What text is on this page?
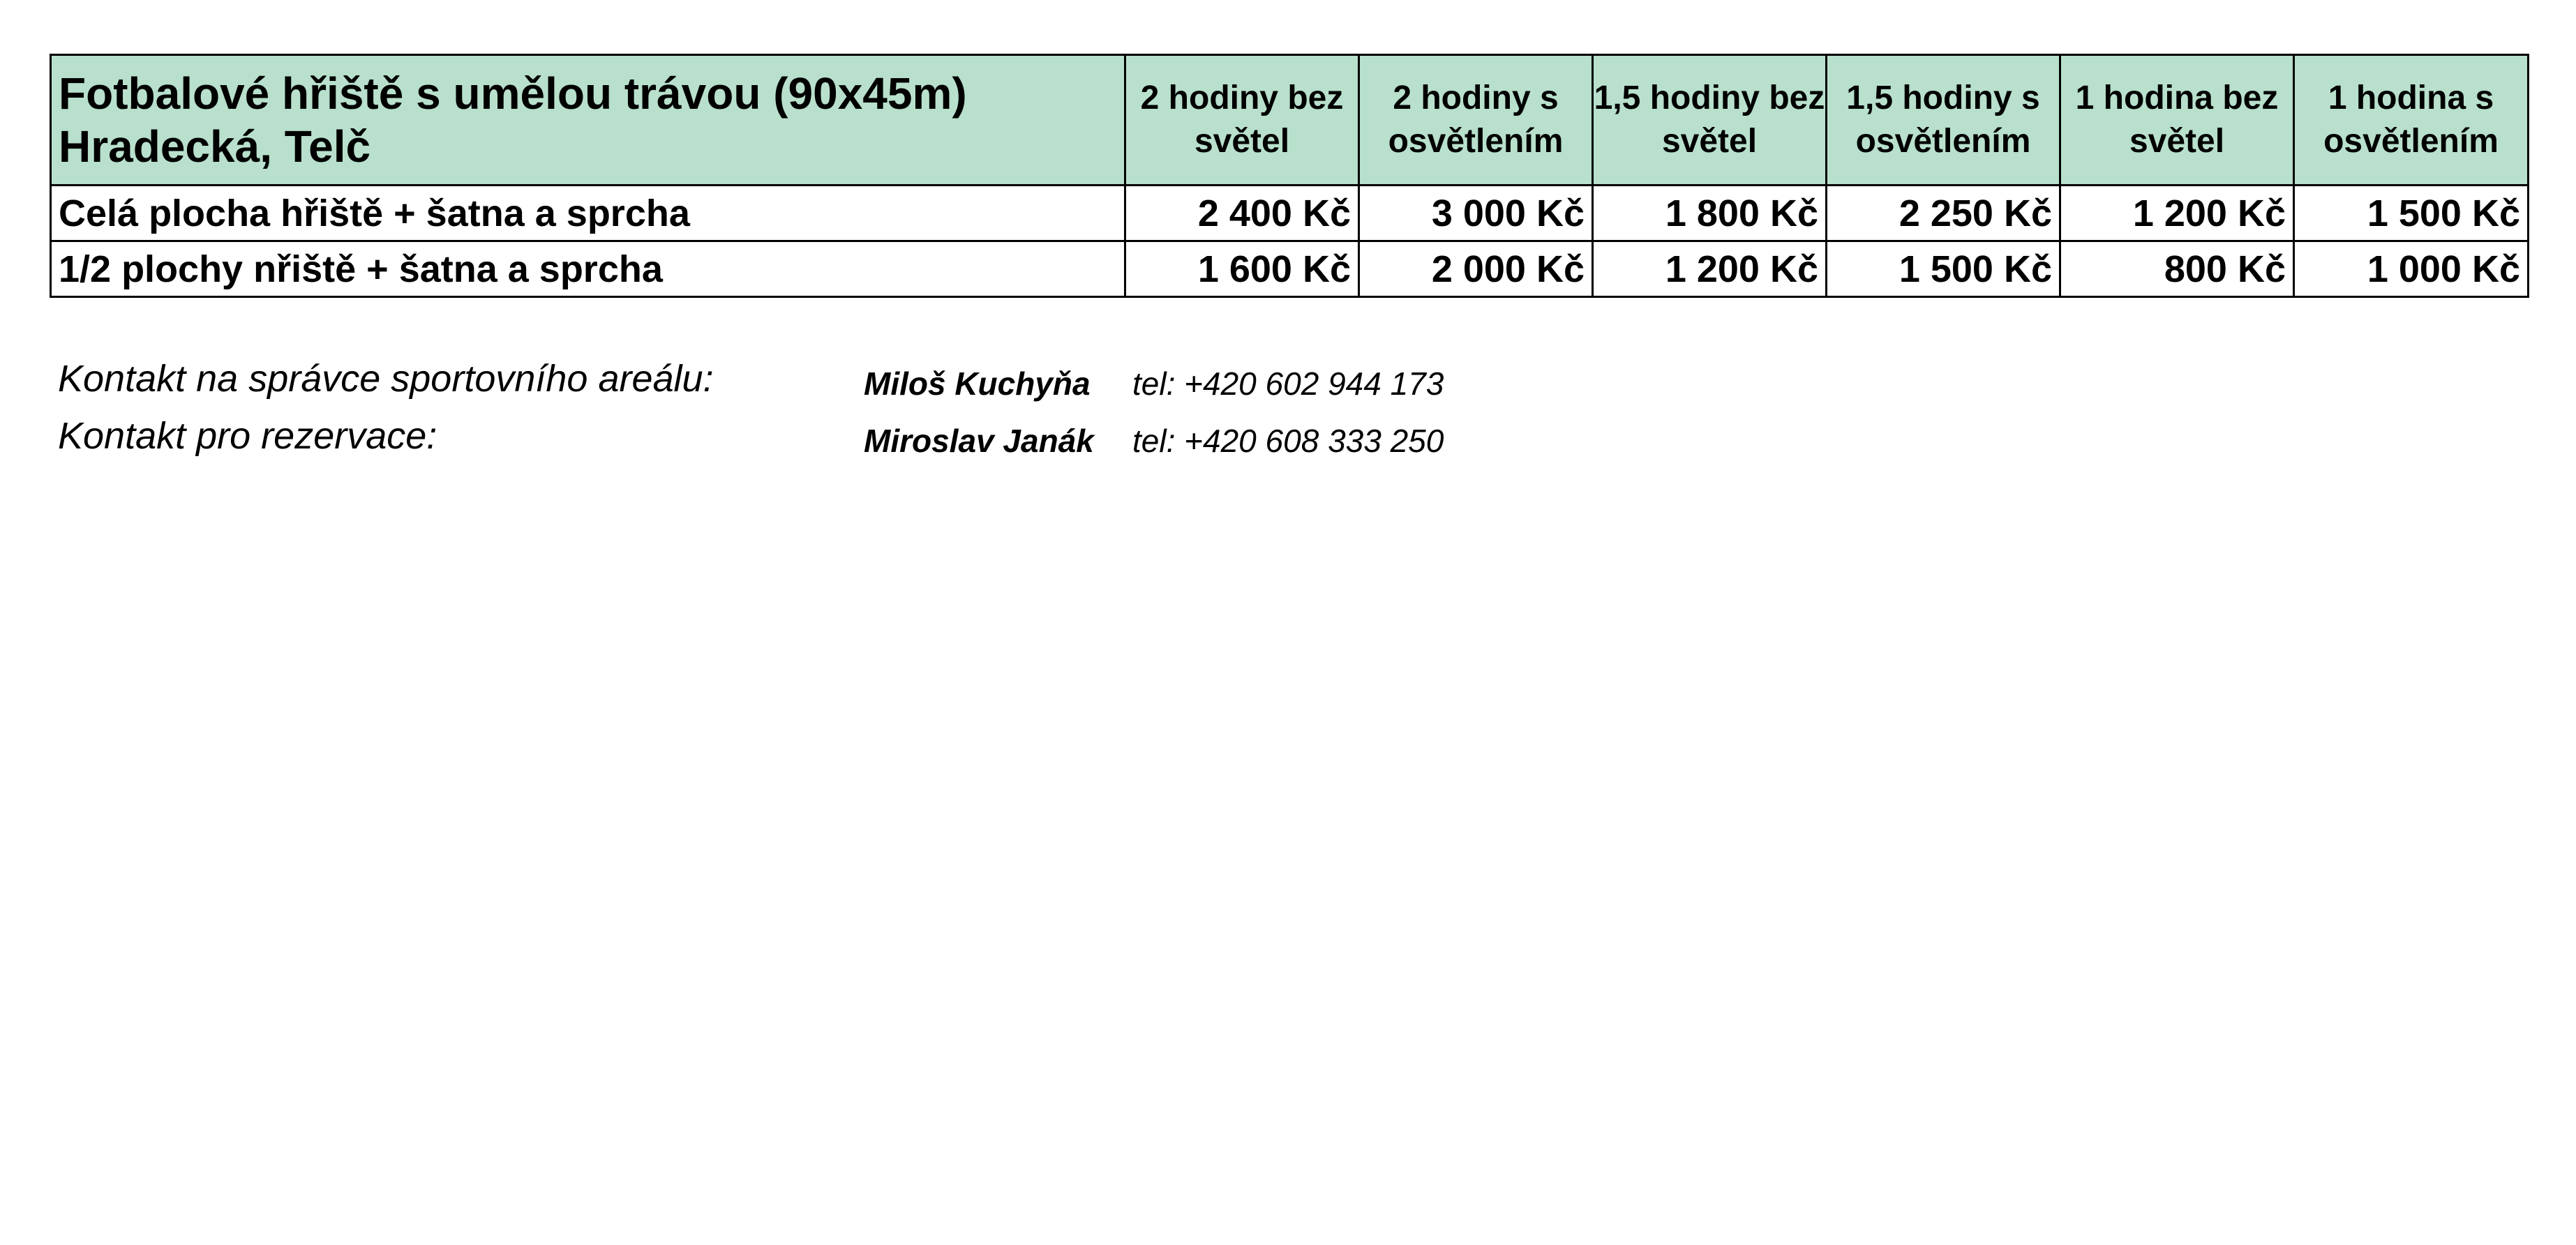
Fotbalové hřiště s umělou trávou (90x45m)
Hradecká, Telč	2 hodiny bez světel	2 hodiny s osvětlením	1,5 hodiny bez světel	1,5 hodiny s osvětlením	1 hodina bez světel	1 hodina s osvětlením
Celá plocha hřiště + šatna a sprcha	2 400 Kč	3 000 Kč	1 800 Kč	2 250 Kč	1 200 Kč	1 500 Kč
1/2 plochy nřiště + šatna a sprcha	1 600 Kč	2 000 Kč	1 200 Kč	1 500 Kč	800 Kč	1 000 Kč
Kontakt na správce sportovního areálu:	Miloš Kuchyňa tel: +420 602 944 173
Kontakt pro rezervace:	Miroslav Janák tel: +420 608 333 250
